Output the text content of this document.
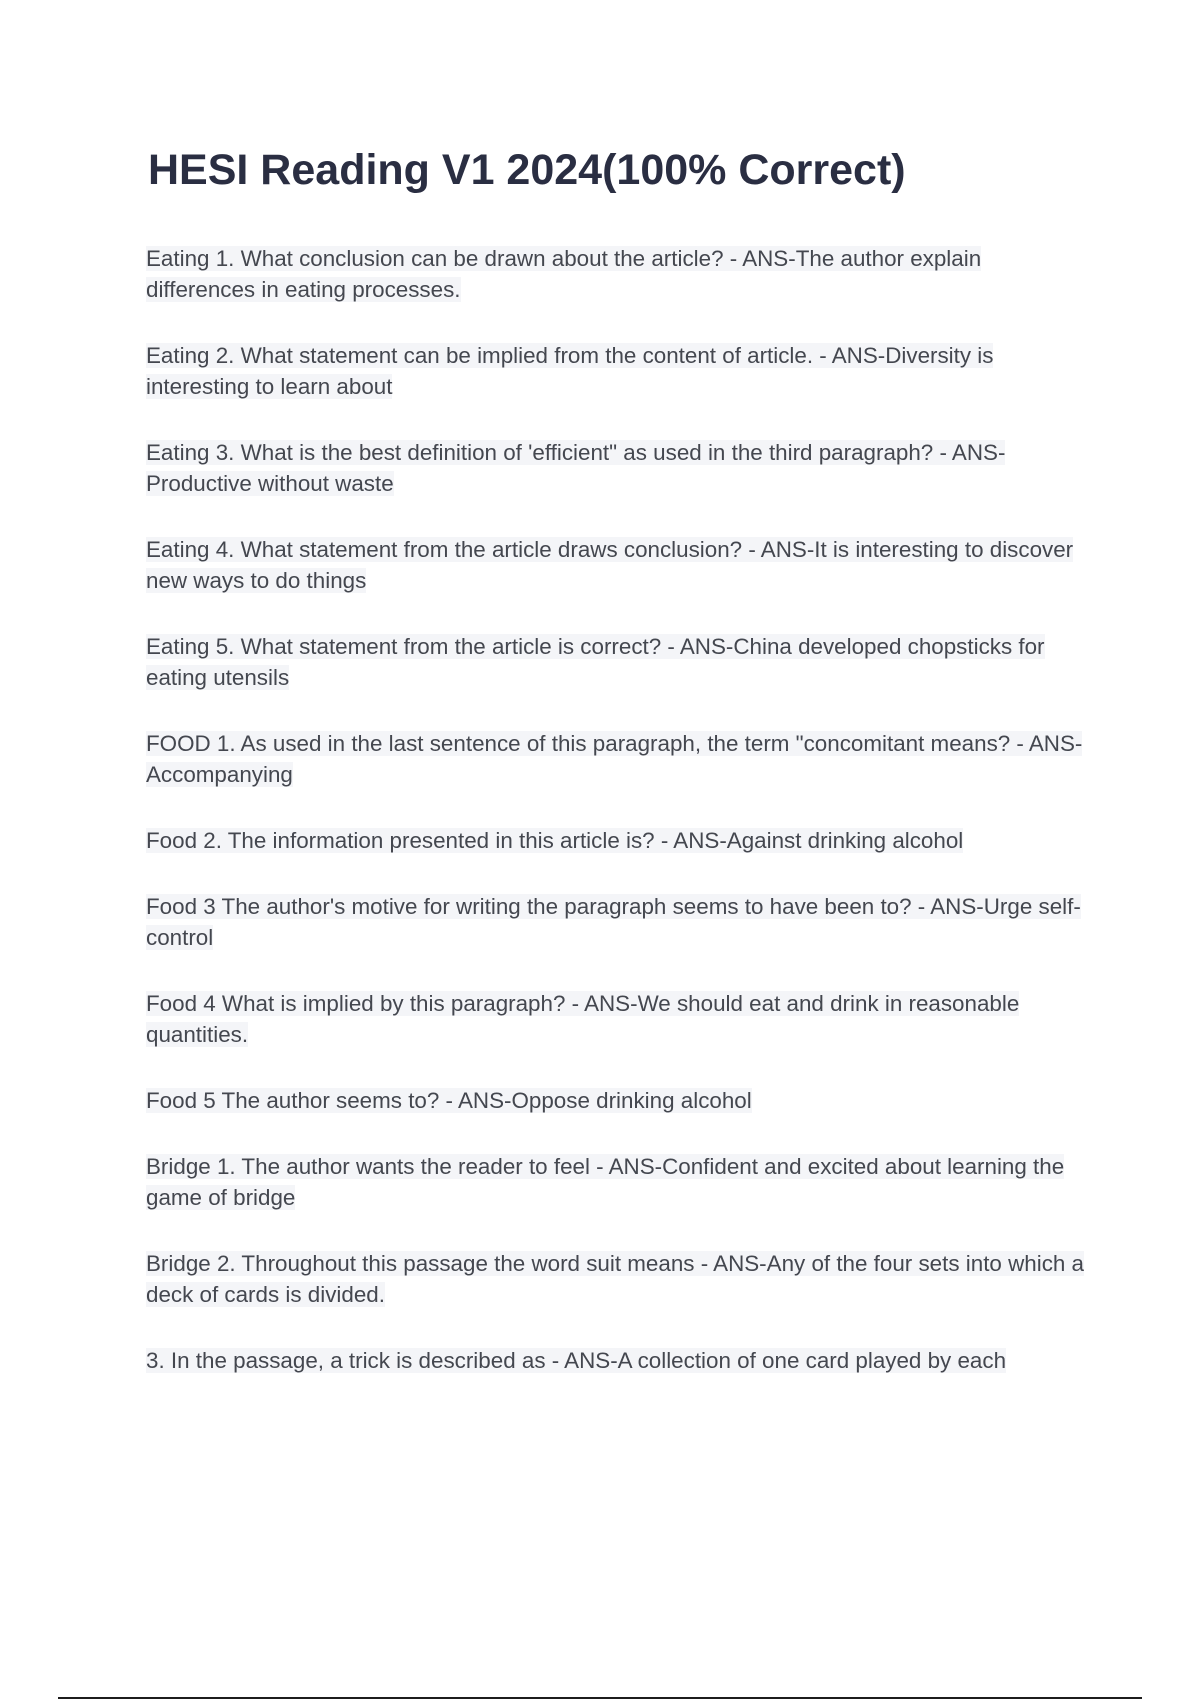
HESI Reading V1 2024(100% Correct)

Eating 1. What conclusion can be drawn about the article? - ANS-The author explain differences in eating processes.

Eating 2. What statement can be implied from the content of article. - ANS-Diversity is interesting to learn about

Eating 3. What is the best definition of 'efficient" as used in the third paragraph? - ANS-Productive without waste

Eating 4. What statement from the article draws conclusion? - ANS-It is interesting to discover new ways to do things

Eating 5. What statement from the article is correct? - ANS-China developed chopsticks for eating utensils

FOOD 1. As used in the last sentence of this paragraph, the term "concomitant means? - ANS-Accompanying

Food 2. The information presented in this article is? - ANS-Against drinking alcohol

Food 3 The author's motive for writing the paragraph seems to have been to? - ANS-Urge self-control

Food 4 What is implied by this paragraph? - ANS-We should eat and drink in reasonable quantities.

Food 5 The author seems to? - ANS-Oppose drinking alcohol

Bridge 1. The author wants the reader to feel - ANS-Confident and excited about learning the game of bridge

Bridge 2. Throughout this passage the word suit means - ANS-Any of the four sets into which a deck of cards is divided.

3. In the passage, a trick is described as - ANS-A collection of one card played by each
